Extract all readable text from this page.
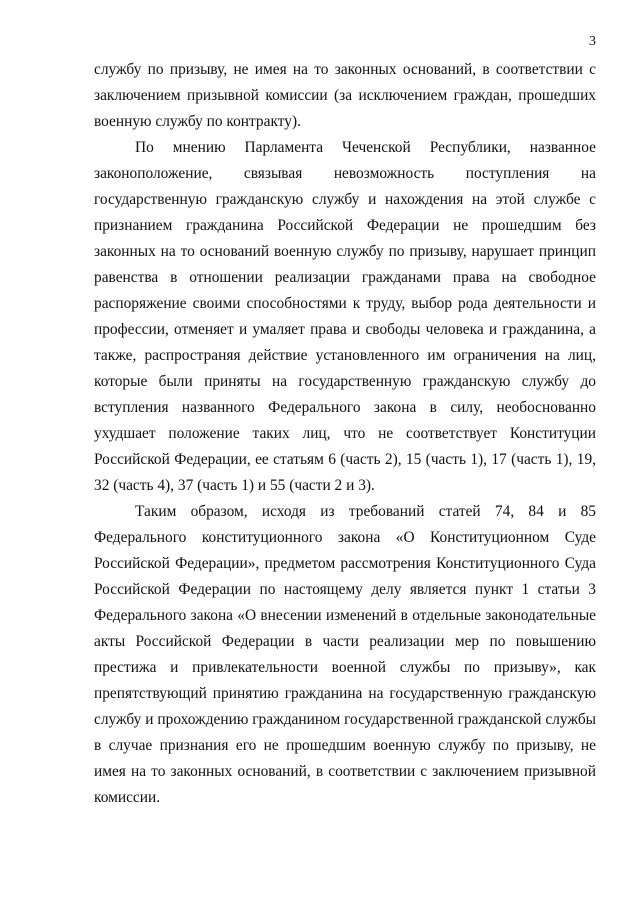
3

службу по призыву, не имея на то законных оснований, в соответствии с заключением призывной комиссии (за исключением граждан, прошедших военную службу по контракту).

По мнению Парламента Чеченской Республики, названное законоположение, связывая невозможность поступления на государственную гражданскую службу и нахождения на этой службе с признанием гражданина Российской Федерации не прошедшим без законных на то оснований военную службу по призыву, нарушает принцип равенства в отношении реализации гражданами права на свободное распоряжение своими способностями к труду, выбор рода деятельности и профессии, отменяет и умаляет права и свободы человека и гражданина, а также, распространяя действие установленного им ограничения на лиц, которые были приняты на государственную гражданскую службу до вступления названного Федерального закона в силу, необоснованно ухудшает положение таких лиц, что не соответствует Конституции Российской Федерации, ее статьям 6 (часть 2), 15 (часть 1), 17 (часть 1), 19, 32 (часть 4), 37 (часть 1) и 55 (части 2 и 3).

Таким образом, исходя из требований статей 74, 84 и 85 Федерального конституционного закона «О Конституционном Суде Российской Федерации», предметом рассмотрения Конституционного Суда Российской Федерации по настоящему делу является пункт 1 статьи 3 Федерального закона «О внесении изменений в отдельные законодательные акты Российской Федерации в части реализации мер по повышению престижа и привлекательности военной службы по призыву», как препятствующий принятию гражданина на государственную гражданскую службу и прохождению гражданином государственной гражданской службы в случае признания его не прошедшим военную службу по призыву, не имея на то законных оснований, в соответствии с заключением призывной комиссии.
